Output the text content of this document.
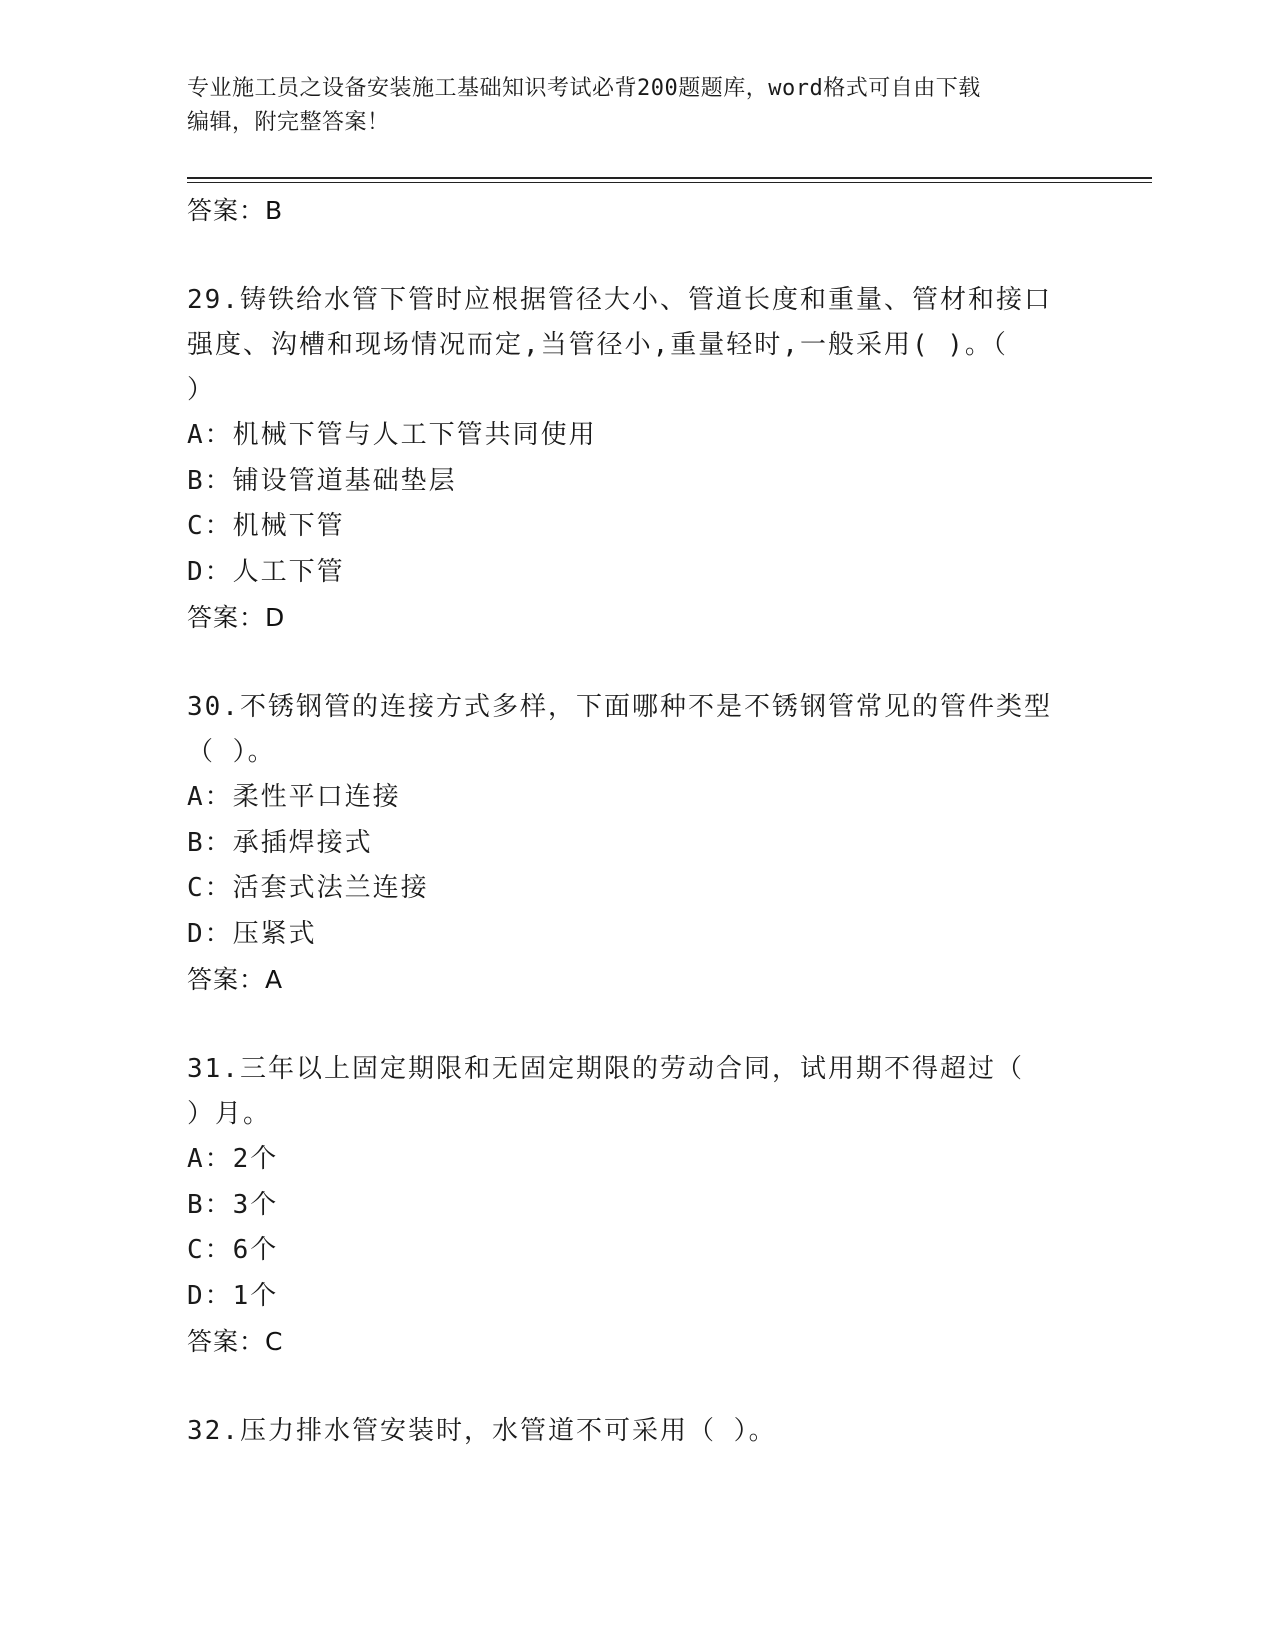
专业施工员之设备安装施工基础知识考试必背200题题库，word格式可自由下载
编辑，附完整答案！
答案：B
29.铸铁给水管下管时应根据管径大小、管道长度和重量、管材和接口
强度、沟槽和现场情况而定,当管径小,重量轻时,一般采用( )。（
）
A：机械下管与人工下管共同使用
B：铺设管道基础垫层
C：机械下管
D：人工下管
答案：D
30.不锈钢管的连接方式多样，下面哪种不是不锈钢管常见的管件类型
（ ）。
A：柔性平口连接
B：承插焊接式
C：活套式法兰连接
D：压紧式
答案：A
31.三年以上固定期限和无固定期限的劳动合同，试用期不得超过（
）月。
A：2个
B：3个
C：6个
D：1个
答案：C
32.压力排水管安装时，水管道不可采用（ ）。
